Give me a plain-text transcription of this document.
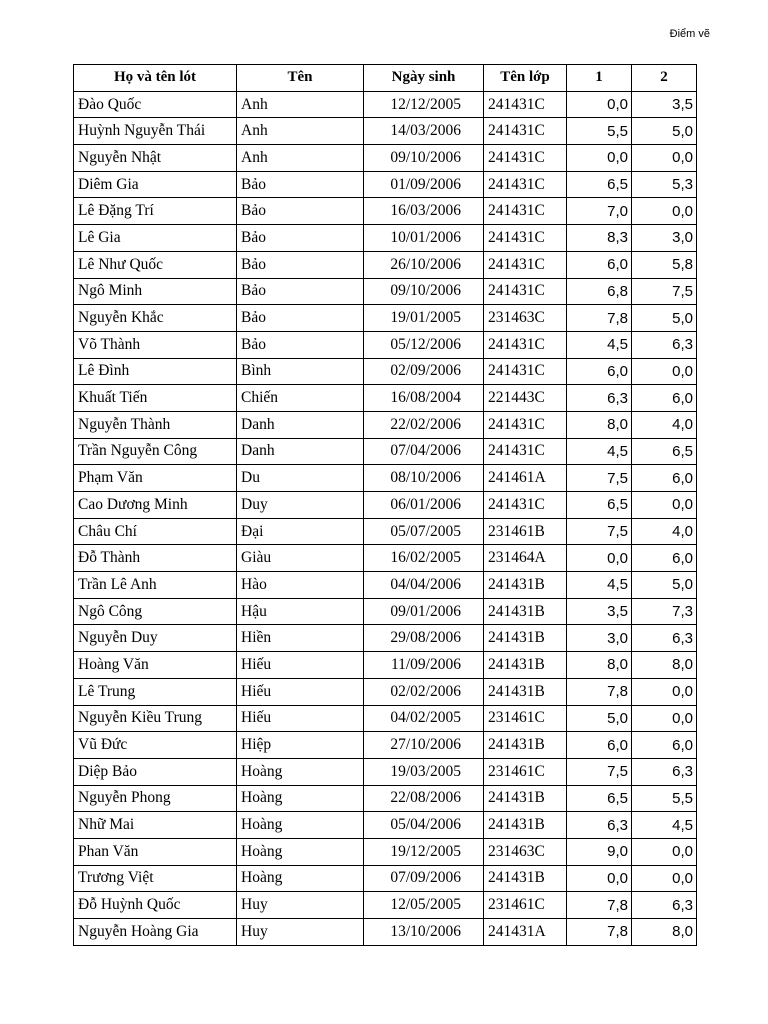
Điểm vẽ
Họ và tên lót	Tên	Ngày sinh	Tên lớp	1	2
Đào Quốc	Anh	12/12/2005	241431C	0,0	3,5
Huỳnh Nguyễn Thái	Anh	14/03/2006	241431C	5,5	5,0
Nguyễn Nhật	Anh	09/10/2006	241431C	0,0	0,0
Diêm Gia	Bảo	01/09/2006	241431C	6,5	5,3
Lê Đặng Trí	Bảo	16/03/2006	241431C	7,0	0,0
Lê Gia	Bảo	10/01/2006	241431C	8,3	3,0
Lê Như Quốc	Bảo	26/10/2006	241431C	6,0	5,8
Ngô Minh	Bảo	09/10/2006	241431C	6,8	7,5
Nguyễn Khắc	Bảo	19/01/2005	231463C	7,8	5,0
Võ Thành	Bảo	05/12/2006	241431C	4,5	6,3
Lê Đình	Bình	02/09/2006	241431C	6,0	0,0
Khuất Tiến	Chiến	16/08/2004	221443C	6,3	6,0
Nguyễn Thành	Danh	22/02/2006	241431C	8,0	4,0
Trần Nguyễn Công	Danh	07/04/2006	241431C	4,5	6,5
Phạm Văn	Du	08/10/2006	241461A	7,5	6,0
Cao Dương Minh	Duy	06/01/2006	241431C	6,5	0,0
Châu Chí	Đại	05/07/2005	231461B	7,5	4,0
Đỗ Thành	Giàu	16/02/2005	231464A	0,0	6,0
Trần Lê Anh	Hào	04/04/2006	241431B	4,5	5,0
Ngô Công	Hậu	09/01/2006	241431B	3,5	7,3
Nguyễn Duy	Hiền	29/08/2006	241431B	3,0	6,3
Hoàng Văn	Hiếu	11/09/2006	241431B	8,0	8,0
Lê Trung	Hiếu	02/02/2006	241431B	7,8	0,0
Nguyễn Kiều Trung	Hiếu	04/02/2005	231461C	5,0	0,0
Vũ Đức	Hiệp	27/10/2006	241431B	6,0	6,0
Diệp Bảo	Hoàng	19/03/2005	231461C	7,5	6,3
Nguyễn Phong	Hoàng	22/08/2006	241431B	6,5	5,5
Nhữ Mai	Hoàng	05/04/2006	241431B	6,3	4,5
Phan Văn	Hoàng	19/12/2005	231463C	9,0	0,0
Trương Việt	Hoàng	07/09/2006	241431B	0,0	0,0
Đỗ Huỳnh Quốc	Huy	12/05/2005	231461C	7,8	6,3
Nguyễn Hoàng Gia	Huy	13/10/2006	241431A	7,8	8,0
